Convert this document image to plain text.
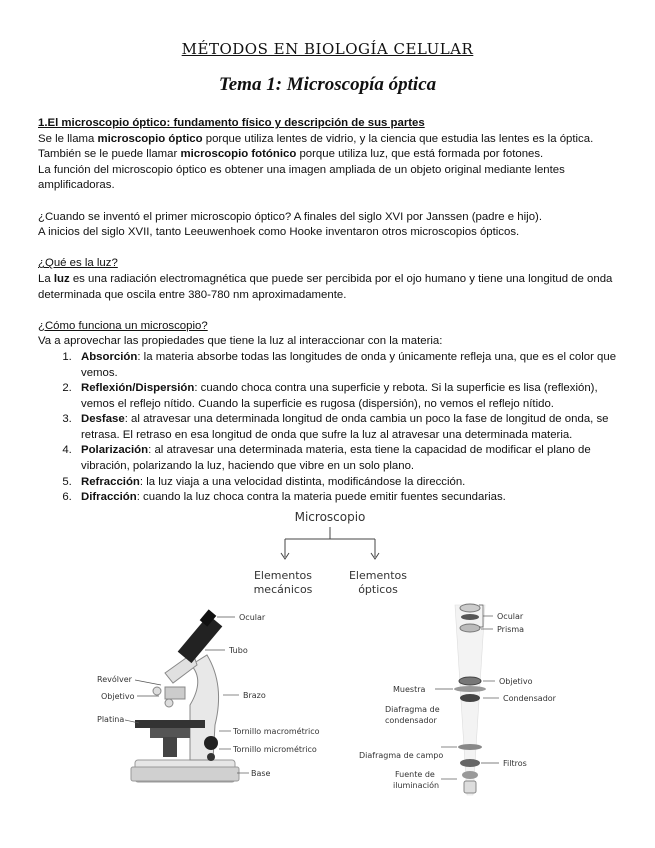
MÉTODOS EN BIOLOGÍA CELULAR
Tema 1: Microscopía óptica

1.El microscopio óptico: fundamento físico y descripción de sus partes

Se le llama microscopio óptico porque utiliza lentes de vidrio, y la ciencia que estudia las lentes es la óptica.

También se le puede llamar microscopio fotónico porque utiliza luz, que está formada por fotones.

La función del microscopio óptico es obtener una imagen ampliada de un objeto original mediante lentes amplificadoras.

¿Cuando se inventó el primer microscopio óptico? A finales del siglo XVI por Janssen (padre e hijo).

A inicios del siglo XVII, tanto Leeuwenhoek como Hooke inventaron otros microscopios ópticos.

¿Qué es la luz?

La luz es una radiación electromagnética que puede ser percibida por el ojo humano y tiene una longitud de onda determinada que oscila entre 380-780 nm aproximadamente.

¿Cómo funciona un microscopio?

Va a aprovechar las propiedades que tiene la luz al interaccionar con la materia:

1. Absorción: la materia absorbe todas las longitudes de onda y únicamente refleja una, que es el color que vemos.
2. Reflexión/Dispersión: cuando choca contra una superficie y rebota. Si la superficie es lisa (reflexión), vemos el reflejo nítido. Cuando la superficie es rugosa (dispersión), no vemos el reflejo nítido.
3. Desfase: al atravesar una determinada longitud de onda cambia un poco la fase de longitud de onda, se retrasa. El retraso en esa longitud de onda que sufre la luz al atravesar una determinada materia.
4. Polarización: al atravesar una determinada materia, esta tiene la capacidad de modificar el plano de vibración, polarizando la luz, haciendo que vibre en un solo plano.
5. Refracción: la luz viaja a una velocidad distinta, modificándose la dirección.
6. Difracción: cuando la luz choca contra la materia puede emitir fuentes secundarias.
Microscopio
Elementos
mecánicos
Elementos
ópticos
Ocular
Tubo
Revólver
Objetivo	Brazo
Platina
Tornillo macrométrico
Tornillo micrométrico
Base
Ocular
Prisma
Objetivo
Muestra
Condensador
Diafragma de
condensador
Diafragma de campo
Filtros
Fuente de
iluminación
